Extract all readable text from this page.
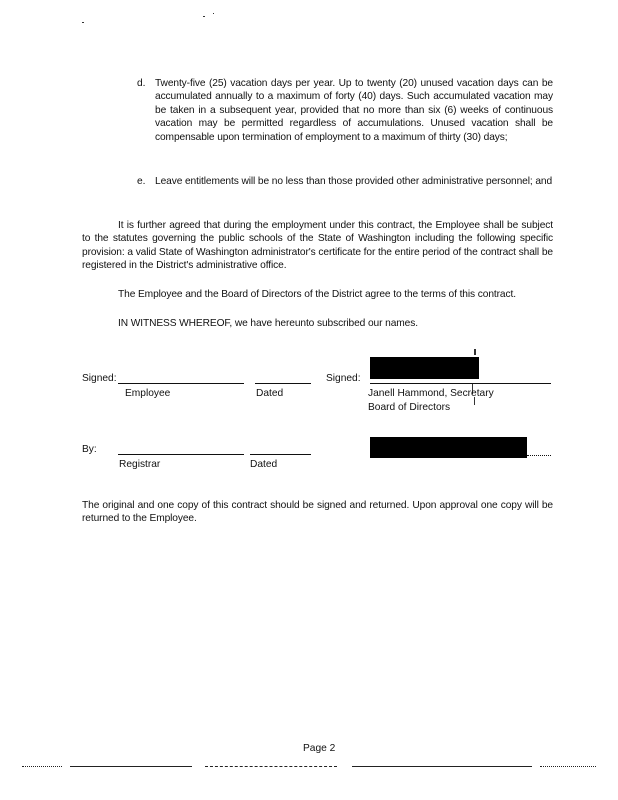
d. Twenty-five (25) vacation days per year. Up to twenty (20) unused vacation days can be accumulated annually to a maximum of forty (40) days. Such accumulated vacation may be taken in a subsequent year, provided that no more than six (6) weeks of continuous vacation may be permitted regardless of accumulations. Unused vacation shall be compensable upon termination of employment to a maximum of thirty (30) days;

e. Leave entitlements will be no less than those provided other administrative personnel; and

It is further agreed that during the employment under this contract, the Employee shall be subject to the statutes governing the public schools of the State of Washington including the following specific provision: a valid State of Washington administrator's certificate for the entire period of the contract shall be registered in the District's administrative office.

The Employee and the Board of Directors of the District agree to the terms of this contract.

IN WITNESS WHEREOF, we have hereunto subscribed our names.

Signed:
Employee	Dated
Signed:
Janell Hammond, Secretary
Board of Directors
By:
Registrar	Dated

The original and one copy of this contract should be signed and returned. Upon approval one copy will be returned to the Employee.

Page 2
